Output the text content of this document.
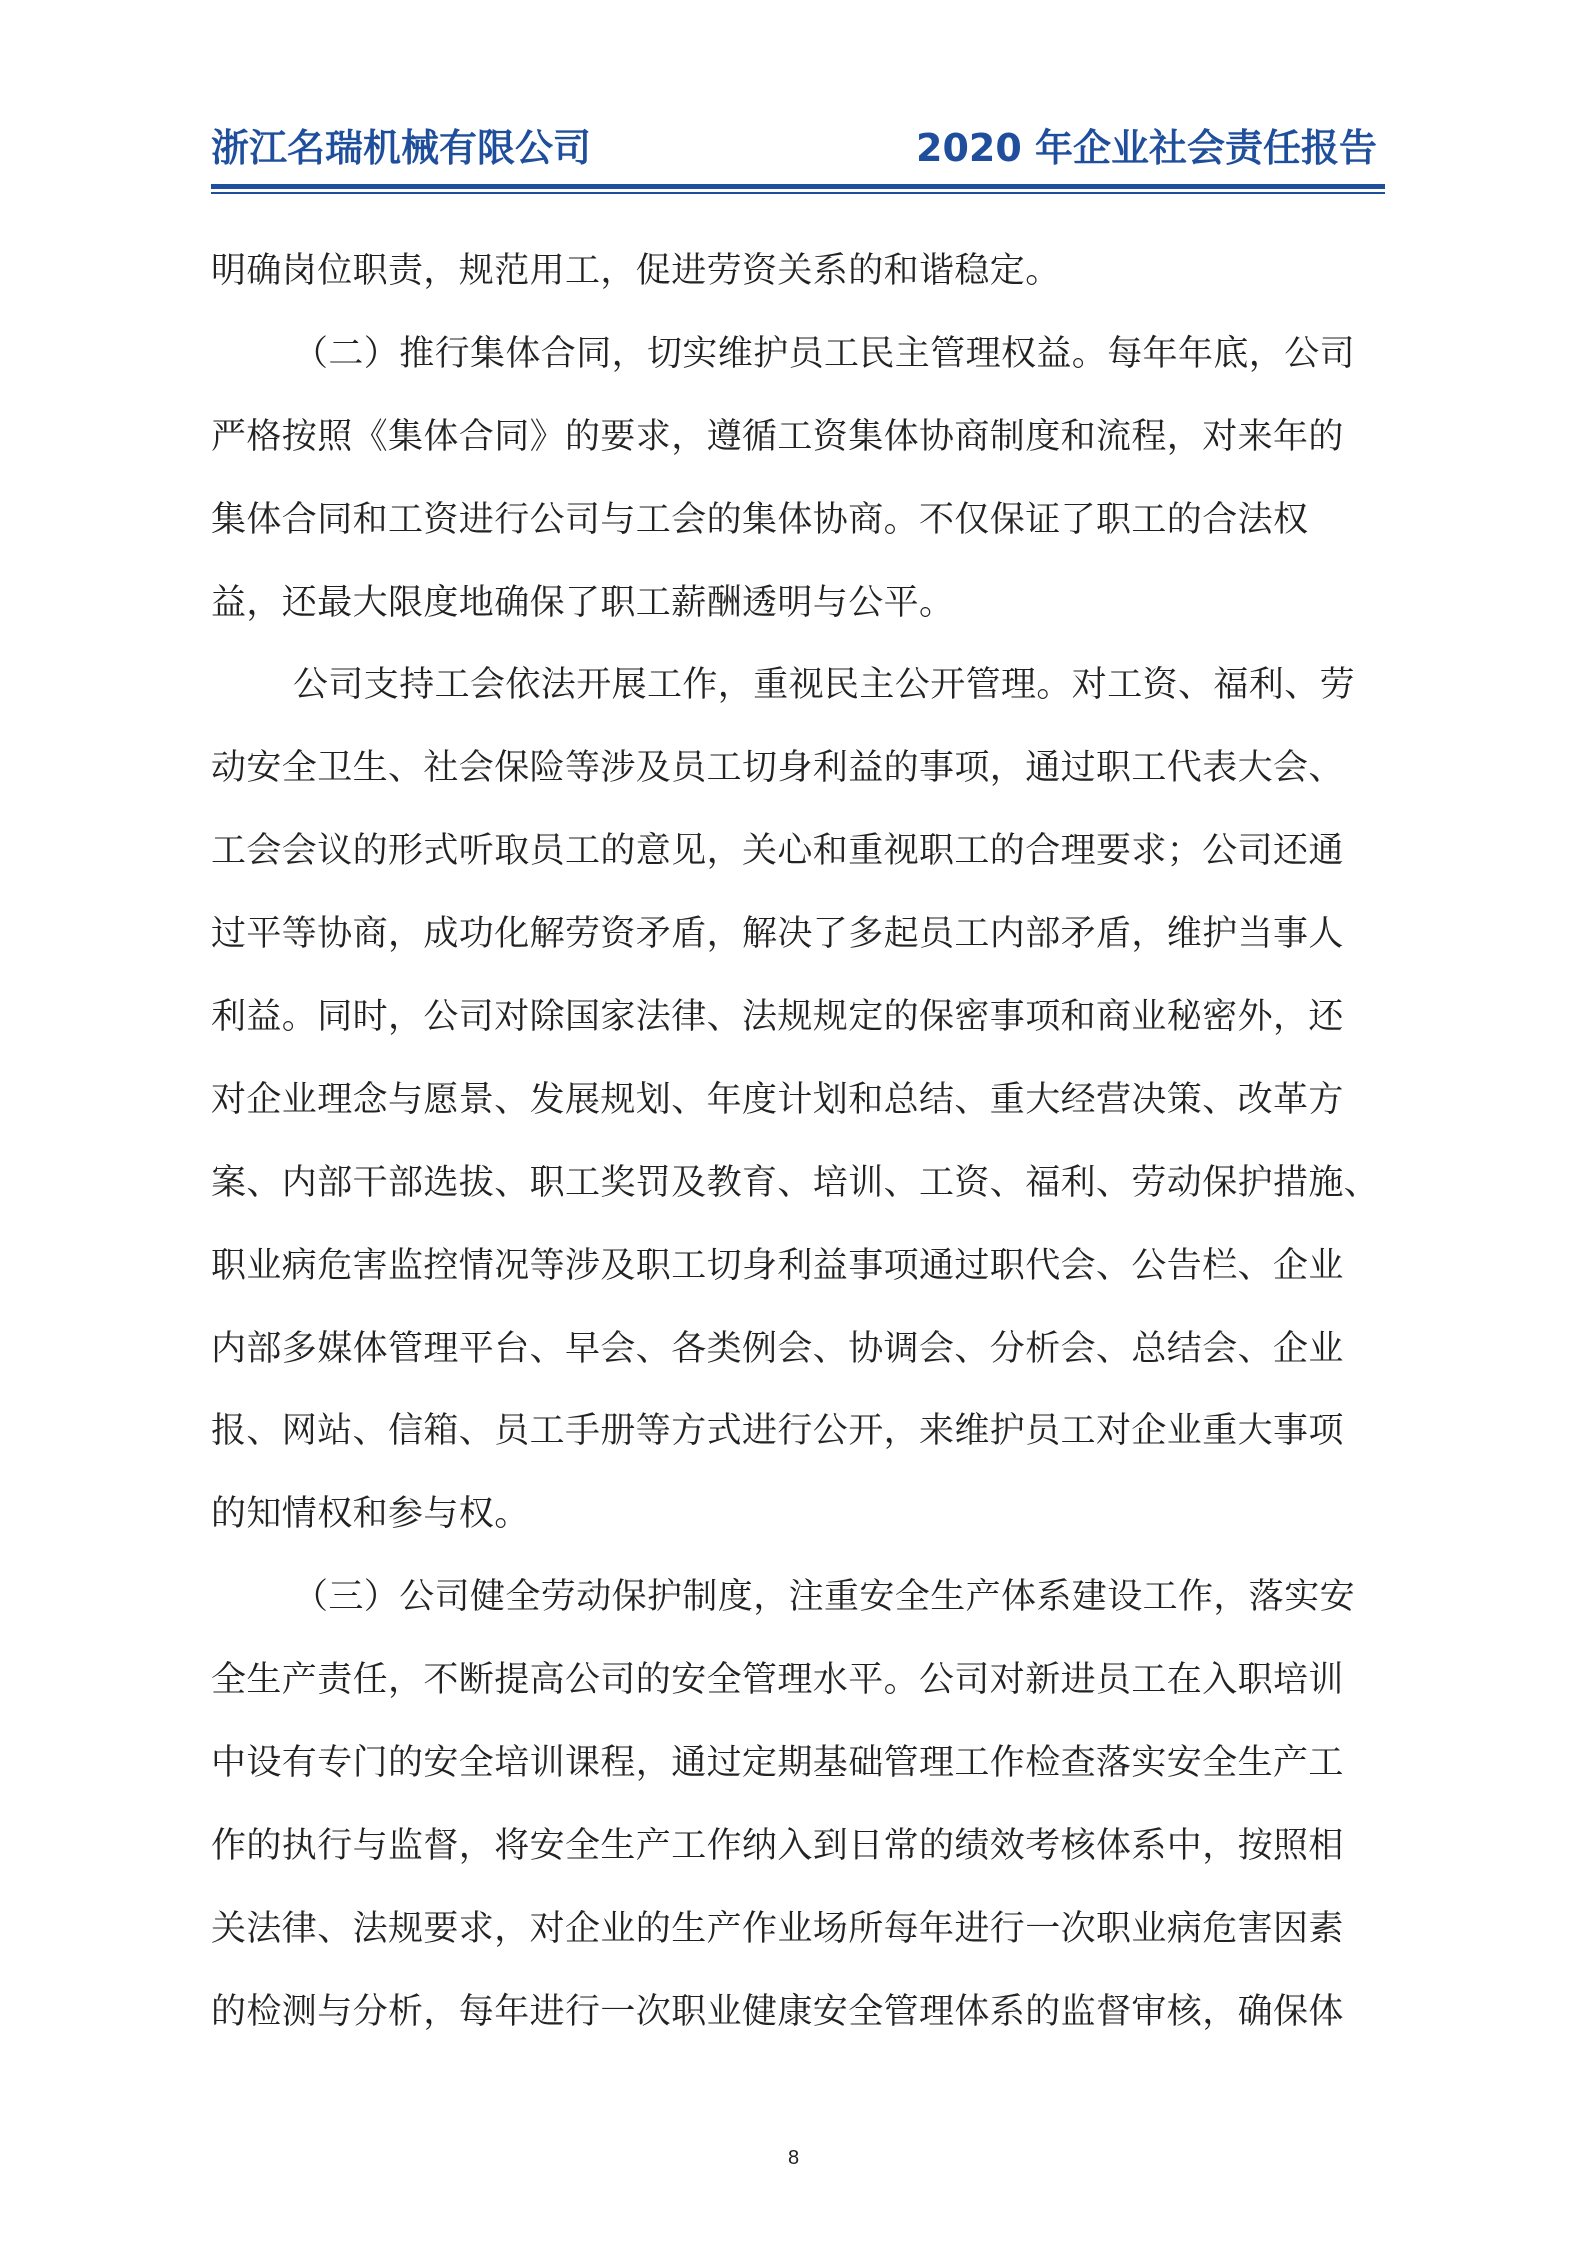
浙江名瑞机械有限公司	2020 年企业社会责任报告
明确岗位职责，规范用工，促进劳资关系的和谐稳定。
（二）推行集体合同，切实维护员工民主管理权益。每年年底，公司
严格按照《集体合同》的要求，遵循工资集体协商制度和流程，对来年的
集体合同和工资进行公司与工会的集体协商。不仅保证了职工的合法权
益，还最大限度地确保了职工薪酬透明与公平。
公司支持工会依法开展工作，重视民主公开管理。对工资、福利、劳
动安全卫生、社会保险等涉及员工切身利益的事项，通过职工代表大会、
工会会议的形式听取员工的意见，关心和重视职工的合理要求；公司还通
过平等协商，成功化解劳资矛盾，解决了多起员工内部矛盾，维护当事人
利益。同时，公司对除国家法律、法规规定的保密事项和商业秘密外，还
对企业理念与愿景、发展规划、年度计划和总结、重大经营决策、改革方
案、内部干部选拔、职工奖罚及教育、培训、工资、福利、劳动保护措施、
职业病危害监控情况等涉及职工切身利益事项通过职代会、公告栏、企业
内部多媒体管理平台、早会、各类例会、协调会、分析会、总结会、企业
报、网站、信箱、员工手册等方式进行公开，来维护员工对企业重大事项
的知情权和参与权。
（三）公司健全劳动保护制度，注重安全生产体系建设工作，落实安
全生产责任，不断提高公司的安全管理水平。公司对新进员工在入职培训
中设有专门的安全培训课程，通过定期基础管理工作检查落实安全生产工
作的执行与监督，将安全生产工作纳入到日常的绩效考核体系中，按照相
关法律、法规要求，对企业的生产作业场所每年进行一次职业病危害因素
的检测与分析，每年进行一次职业健康安全管理体系的监督审核，确保体
8
